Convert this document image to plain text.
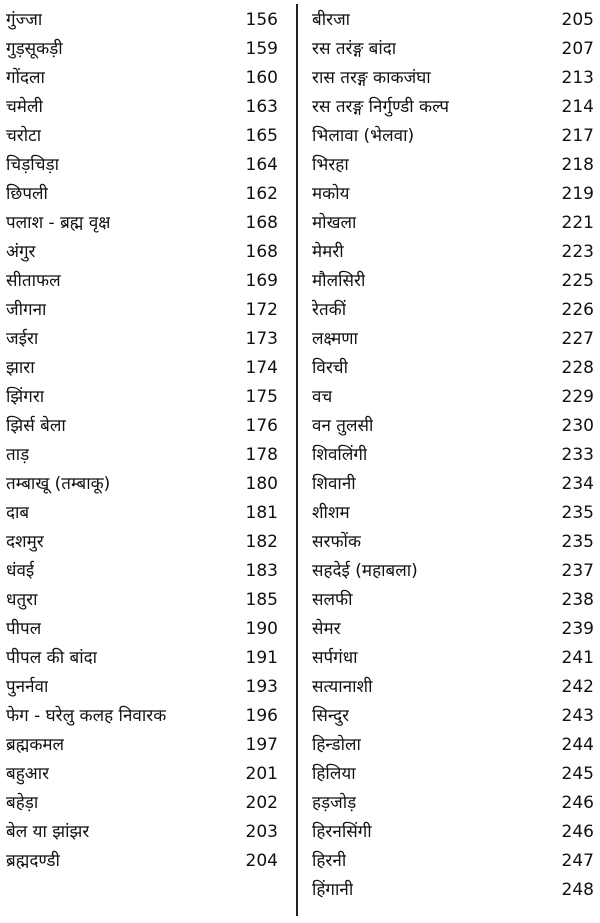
गुंज्जा	156
गुड़सूकड़ी	159
गोंदला	160
चमेली	163
चरोटा	165
चिड़चिड़ा	164
छिपली	162
पलाश - ब्रह्म वृक्ष	168
अंगुर	168
सीताफल	169
जीगना	172
जईरा	173
झारा	174
झिंगरा	175
झिर्स बेला	176
ताड़	178
तम्बाखू (तम्बाकू)	180
दाब	181
दशमुर	182
धंवई	183
धतुरा	185
पीपल	190
पीपल की बांदा	191
पुनर्नवा	193
फेग - घरेलु कलह निवारक	196
ब्रह्मकमल	197
बहुआर	201
बहेड़ा	202
बेल या झांझर	203
ब्रह्मदण्डी	204
बीरजा	205
रस तरंङ्ग बांदा	207
रास तरङ्ग काकजंघा	213
रस तरङ्ग निर्गुण्डी कल्प	214
भिलावा (भेलवा)	217
भिरहा	218
मकोय	219
मोखला	221
मेमरी	223
मौलसिरी	225
रेतकीं	226
लक्ष्मणा	227
विरची	228
वच	229
वन तुलसी	230
शिवलिंगी	233
शिवानी	234
शीशम	235
सरफोंक	235
सहदेई (महाबला)	237
सलफी	238
सेमर	239
सर्पगंधा	241
सत्यानाशी	242
सिन्दुर	243
हिन्डोला	244
हिलिया	245
हड़जोड़	246
हिरनसिंगी	246
हिरनी	247
हिंगानी	248
